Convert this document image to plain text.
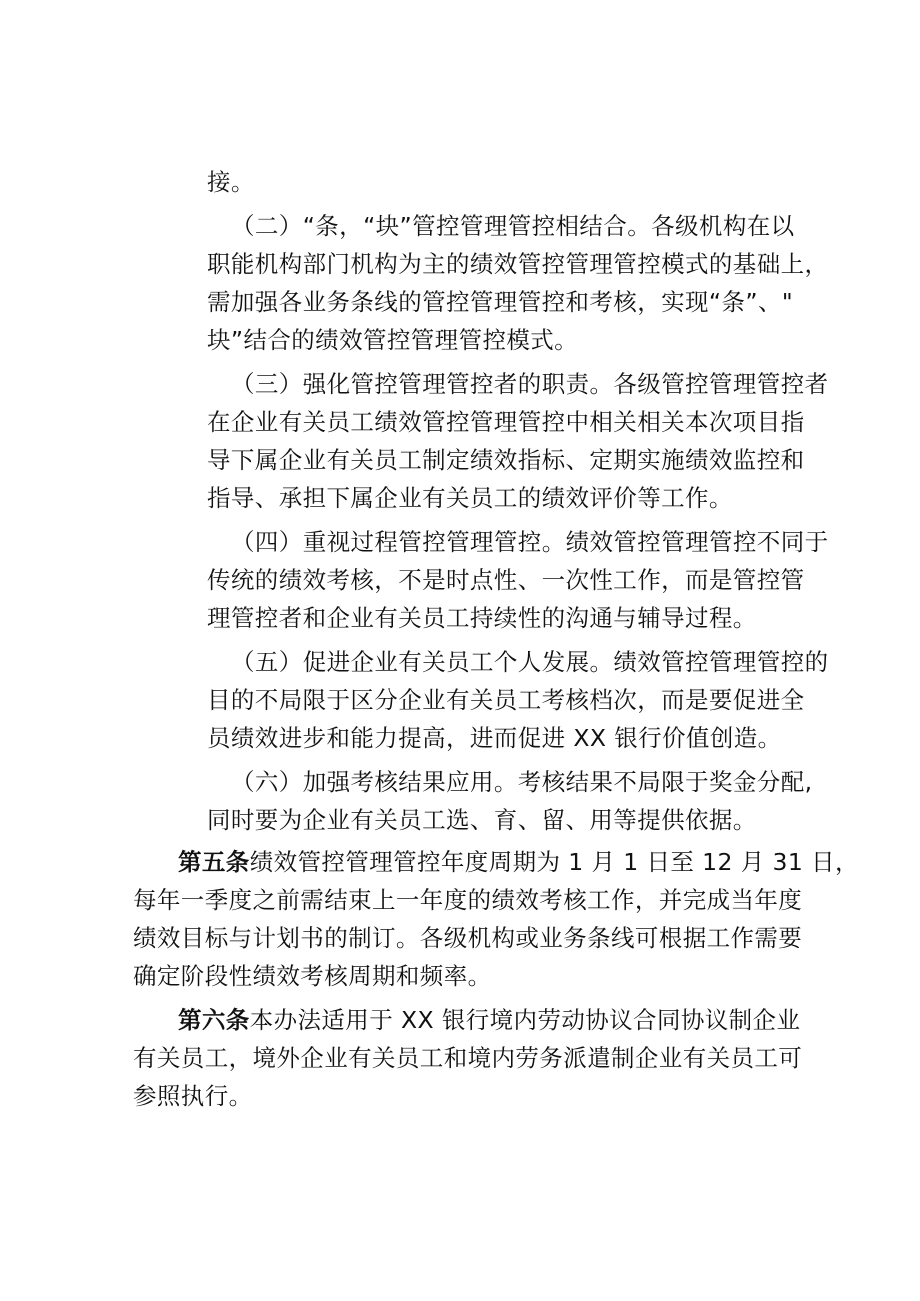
接。
（二）“条，“块”管控管理管控相结合。各级机构在以
职能机构部门机构为主的绩效管控管理管控模式的基础上，
需加强各业务条线的管控管理管控和考核，实现“条”、"
块”结合的绩效管控管理管控模式。
（三）强化管控管理管控者的职责。各级管控管理管控者
在企业有关员工绩效管控管理管控中相关相关本次项目指
导下属企业有关员工制定绩效指标、定期实施绩效监控和
指导、承担下属企业有关员工的绩效评价等工作。
（四）重视过程管控管理管控。绩效管控管理管控不同于
传统的绩效考核，不是时点性、一次性工作，而是管控管
理管控者和企业有关员工持续性的沟通与辅导过程。
（五）促进企业有关员工个人发展。绩效管控管理管控的
目的不局限于区分企业有关员工考核档次，而是要促进全
员绩效进步和能力提高，进而促进 XX 银行价值创造。
（六）加强考核结果应用。考核结果不局限于奖金分配,
同时要为企业有关员工选、育、留、用等提供依据。
第五条绩效管控管理管控年度周期为 1 月 1 日至 12 月 31 日，
每年一季度之前需结束上一年度的绩效考核工作，并完成当年度
绩效目标与计划书的制订。各级机构或业务条线可根据工作需要
确定阶段性绩效考核周期和频率。
第六条本办法适用于 XX 银行境内劳动协议合同协议制企业
有关员工，境外企业有关员工和境内劳务派遣制企业有关员工可
参照执行。
